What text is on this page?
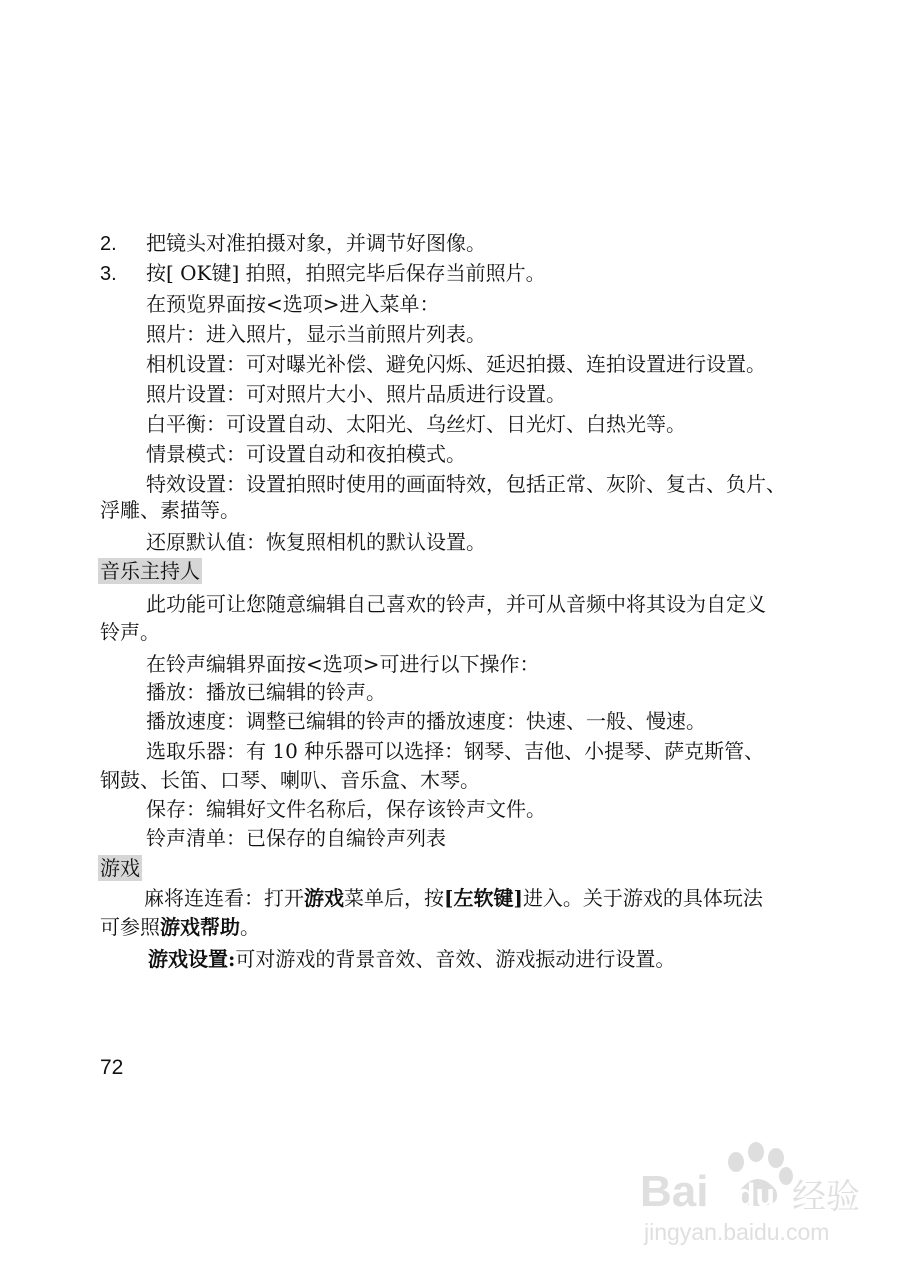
2. 把镜头对准拍摄对象，并调节好图像。
3. 按[ OK键] 拍照，拍照完毕后保存当前照片。
在预览界面按<选项>进入菜单：
照片：进入照片，显示当前照片列表。
相机设置：可对曝光补偿、避免闪烁、延迟拍摄、连拍设置进行设置。
照片设置：可对照片大小、照片品质进行设置。
白平衡：可设置自动、太阳光、乌丝灯、日光灯、白热光等。
情景模式：可设置自动和夜拍模式。
特效设置：设置拍照时使用的画面特效，包括正常、灰阶、复古、负片、
浮雕、素描等。
还原默认值：恢复照相机的默认设置。
音乐主持人
此功能可让您随意编辑自己喜欢的铃声，并可从音频中将其设为自定义
铃声。
在铃声编辑界面按<选项>可进行以下操作：
播放：播放已编辑的铃声。
播放速度：调整已编辑的铃声的播放速度：快速、一般、慢速。
选取乐器：有 10 种乐器可以选择：钢琴、吉他、小提琴、萨克斯管、
钢鼓、长笛、口琴、喇叭、音乐盒、木琴。
保存：编辑好文件名称后，保存该铃声文件。
铃声清单：已保存的自编铃声列表
游戏
麻将连连看：打开游戏菜单后，按[左软键]进入。关于游戏的具体玩法
可参照游戏帮助。
游戏设置:可对游戏的背景音效、音效、游戏振动进行设置。
72
Bai du 经验
jingyan.baidu.com
